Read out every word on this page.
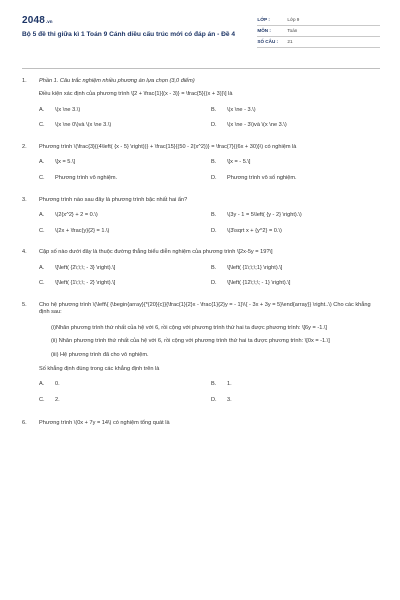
2048 .vn
Bộ 5 đề thi giữa kì 1 Toán 9 Cánh diều cấu trúc mới có đáp án - Đề 4
LỚP :	Lớp 9
MÔN :	Toán
SỐ CÂU :	21
1.	Phần 1. Câu trắc nghiệm nhiều phương án lựa chọn (3,0 điểm)
Điều kiện xác định của phương trình \[2 + \frac{1}{(x - 3)} = \frac{5}{(x + 3)}\] là
A.	\(x \ne 3.\)	B.	\(x \ne - 3.\)
C.	\(x \ne 0\)và \(x \ne 3.\)	D.	\(x \ne - 3\)và \(x \ne 3.\)
2.	Phương trình \(\frac{3}{(4\left( {x - 5} \right))} + \frac{15}{(50 - 2{x^2})} = \frac{7}{(6x + 30)}\) có nghiệm là
A.	\[x = 5.\]	B.	\[x = - 5.\]
C.	Phương trình vô nghiệm.	D.	Phương trình vô số nghiệm.
3.	Phương trình nào sau đây là phương trình bậc nhất hai ẩn?
A.	\(2{x^2} + 2 = 0.\)	B.	\(3y - 1 = 5\left( {y - 2} \right).\)
C.	\(2x + \frac{y}{2} = 1.\)	D.	\(3\sqrt x + {y^2} = 0.\)
4.	Cặp số nào dưới đây là thuộc đường thẳng biểu diễn nghiệm của phương trình \[2x-5y = 19?\]
A.	\[\left( {2\;\;\; - 3} \right).\]	B.	\[\left( {1\;\;\;1} \right).\]
C.	\[\left( {1\;\;\; - 2} \right).\]	D.	\[\left( {12\;\;\; - 1} \right).\]
5.	Cho hệ phương trình \(\left\{ {\begin{array}{*{20}{c}}{\frac{1}{2}x - \frac{1}{2}y = - 1}\\{ - 3x + 3y = 5}\end{array}} \right..\) Cho các khẳng định sau:
(i)Nhân phương trình thứ nhất của hệ với 6, rồi cộng với phương trình thứ hai ta được phương trình: \[6y = -1.\]
(ii) Nhân phương trình thứ nhất của hệ với 6, rồi cộng với phương trình thứ hai ta được phương trình: \[0x = -1.\]
(iii) Hệ phương trình đã cho vô nghiệm.
Số khẳng định đúng trong các khẳng định trên là
A.	0.	B.	1.
C.	2.	D.	3.
6.	Phương trình \(0x + 7y = 14\) có nghiệm tổng quát là
